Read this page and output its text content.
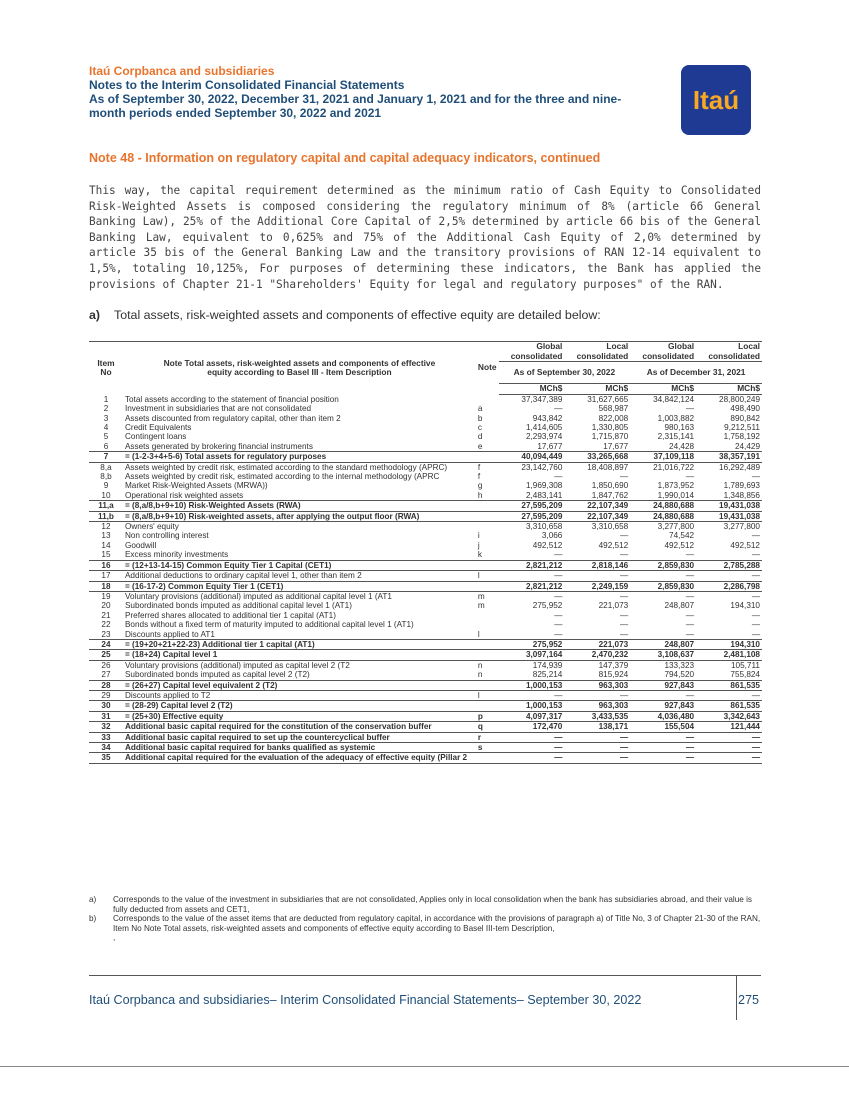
Itaú Corpbanca and subsidiaries
Notes to the Interim Consolidated Financial Statements
As of September 30, 2022, December 31, 2021 and January 1, 2021 and for the three and nine-
month periods ended September 30, 2022 and 2021	Itaú
Note 48 - Information on regulatory capital and capital adequacy indicators, continued
This way, the capital requirement determined as the minimum ratio of Cash Equity to Consolidated Risk-Weighted Assets is composed considering the regulatory minimum of 8% (article 66 General Banking Law), 25% of the Additional Core Capital of 2,5% determined by article 66 bis of the General Banking Law, equivalent to 0,625% and 75% of the Additional Cash Equity of 2,0% determined by article 35 bis of the General Banking Law and the transitory provisions of RAN 12-14 equivalent to 1,5%, totaling 10,125%, For purposes of determining these indicators, the Bank has applied the provisions of Chapter 21-1 "Shareholders' Equity for legal and regulatory purposes" of the RAN.
a) Total assets, risk-weighted assets and components of effective equity are detailed below:
Item No	Note Total assets, risk-weighted assets and components of effective equity according to Basel III - Item Description	Note	Global consolidated	Local consolidated	Global consolidated	Local consolidated
			As of September 30, 2022		As of December 31, 2021	
			MCh$	MCh$	MCh$	MCh$
1	Total assets according to the statement of financial position		37,347,389	31,627,665	34,842,124	28,800,249
2	Investment in subsidiaries that are not consolidated	a	—	568,987	—	498,490
3	Assets discounted from regulatory capital, other than item 2	b	943,842	822,008	1,003,882	890,842
4	Credit Equivalents	c	1,414,605	1,330,805	980,163	9,212,511
5	Contingent loans	d	2,293,974	1,715,870	2,315,141	1,758,192
6	Assets generated by brokering financial instruments	e	17,677	17,677	24,428	24,429
7	= (1-2-3+4+5-6) Total assets for regulatory purposes		40,094,449	33,265,668	37,109,118	38,357,191
8,a	Assets weighted by credit risk, estimated according to the standard methodology (APRC)	f	23,142,760	18,408,897	21,016,722	16,292,489
8,b	Assets weighted by credit risk, estimated according to the internal methodology (APRC	f	—	—	—	—
9	Market Risk-Weighted Assets (MRWA))	g	1,969,308	1,850,690	1,873,952	1,789,693
10	Operational risk weighted assets	h	2,483,141	1,847,762	1,990,014	1,348,856
11,a	= (8,a/8,b+9+10) Risk-Weighted Assets (RWA)		27,595,209	22,107,349	24,880,688	19,431,038
11,b	= (8,a/8,b+9+10) Risk-weighted assets, after applying the output floor (RWA)		27,595,209	22,107,349	24,880,688	19,431,038
12	Owners' equity		3,310,658	3,310,658	3,277,800	3,277,800
13	Non controlling interest	i	3,066	—	74,542	—
14	Goodwill	j	492,512	492,512	492,512	492,512
15	Excess minority investments	k	—	—	—	—
16	= (12+13-14-15) Common Equity Tier 1 Capital (CET1)		2,821,212	2,818,146	2,859,830	2,785,288
17	Additional deductions to ordinary capital level 1, other than item 2	l	—	—	—	—
18	= (16-17-2) Common Equity Tier 1 (CET1)		2,821,212	2,249,159	2,859,830	2,286,798
19	Voluntary provisions (additional) imputed as additional capital level 1 (AT1	m	—	—	—	—
20	Subordinated bonds imputed as additional capital level 1 (AT1)	m	275,952	221,073	248,807	194,310
21	Preferred shares allocated to additional tier 1 capital (AT1)		—	—	—	—
22	Bonds without a fixed term of maturity imputed to additional capital level 1 (AT1)		—	—	—	—
23	Discounts applied to AT1	l	—	—	—	—
24	= (19+20+21+22-23) Additional tier 1 capital (AT1)		275,952	221,073	248,807	194,310
25	= (18+24) Capital level 1		3,097,164	2,470,232	3,108,637	2,481,108
26	Voluntary provisions (additional) imputed as capital level 2 (T2	n	174,939	147,379	133,323	105,711
27	Subordinated bonds imputed as capital level 2 (T2)	n	825,214	815,924	794,520	755,824
28	= (26+27) Capital level equivalent 2 (T2)		1,000,153	963,303	927,843	861,535
29	Discounts applied to T2	l	—	—	—	—
30	= (28-29) Capital level 2 (T2)		1,000,153	963,303	927,843	861,535
31	= (25+30) Effective equity	p	4,097,317	3,433,535	4,036,480	3,342,643
32	Additional basic capital required for the constitution of the conservation buffer	q	172,470	138,171	155,504	121,444
33	Additional basic capital required to set up the countercyclical buffer	r	—	—	—	—
34	Additional basic capital required for banks qualified as systemic	s	—	—	—	—
35	Additional capital required for the evaluation of the adequacy of effective equity (Pillar 2		—	—	—	—
a)	Corresponds to the value of the investment in subsidiaries that are not consolidated, Applies only in local consolidation when the bank has subsidiaries abroad, and their value is fully deducted from assets and CET1,
b)	Corresponds to the value of the asset items that are deducted from regulatory capital, in accordance with the provisions of paragraph a) of Title No, 3 of Chapter 21-30 of the RAN, Item No Note Total assets, risk-weighted assets and components of effective equity according to Basel III-tem Description,
,
Itaú Corpbanca and subsidiaries– Interim Consolidated Financial Statements– September 30, 2022	275
